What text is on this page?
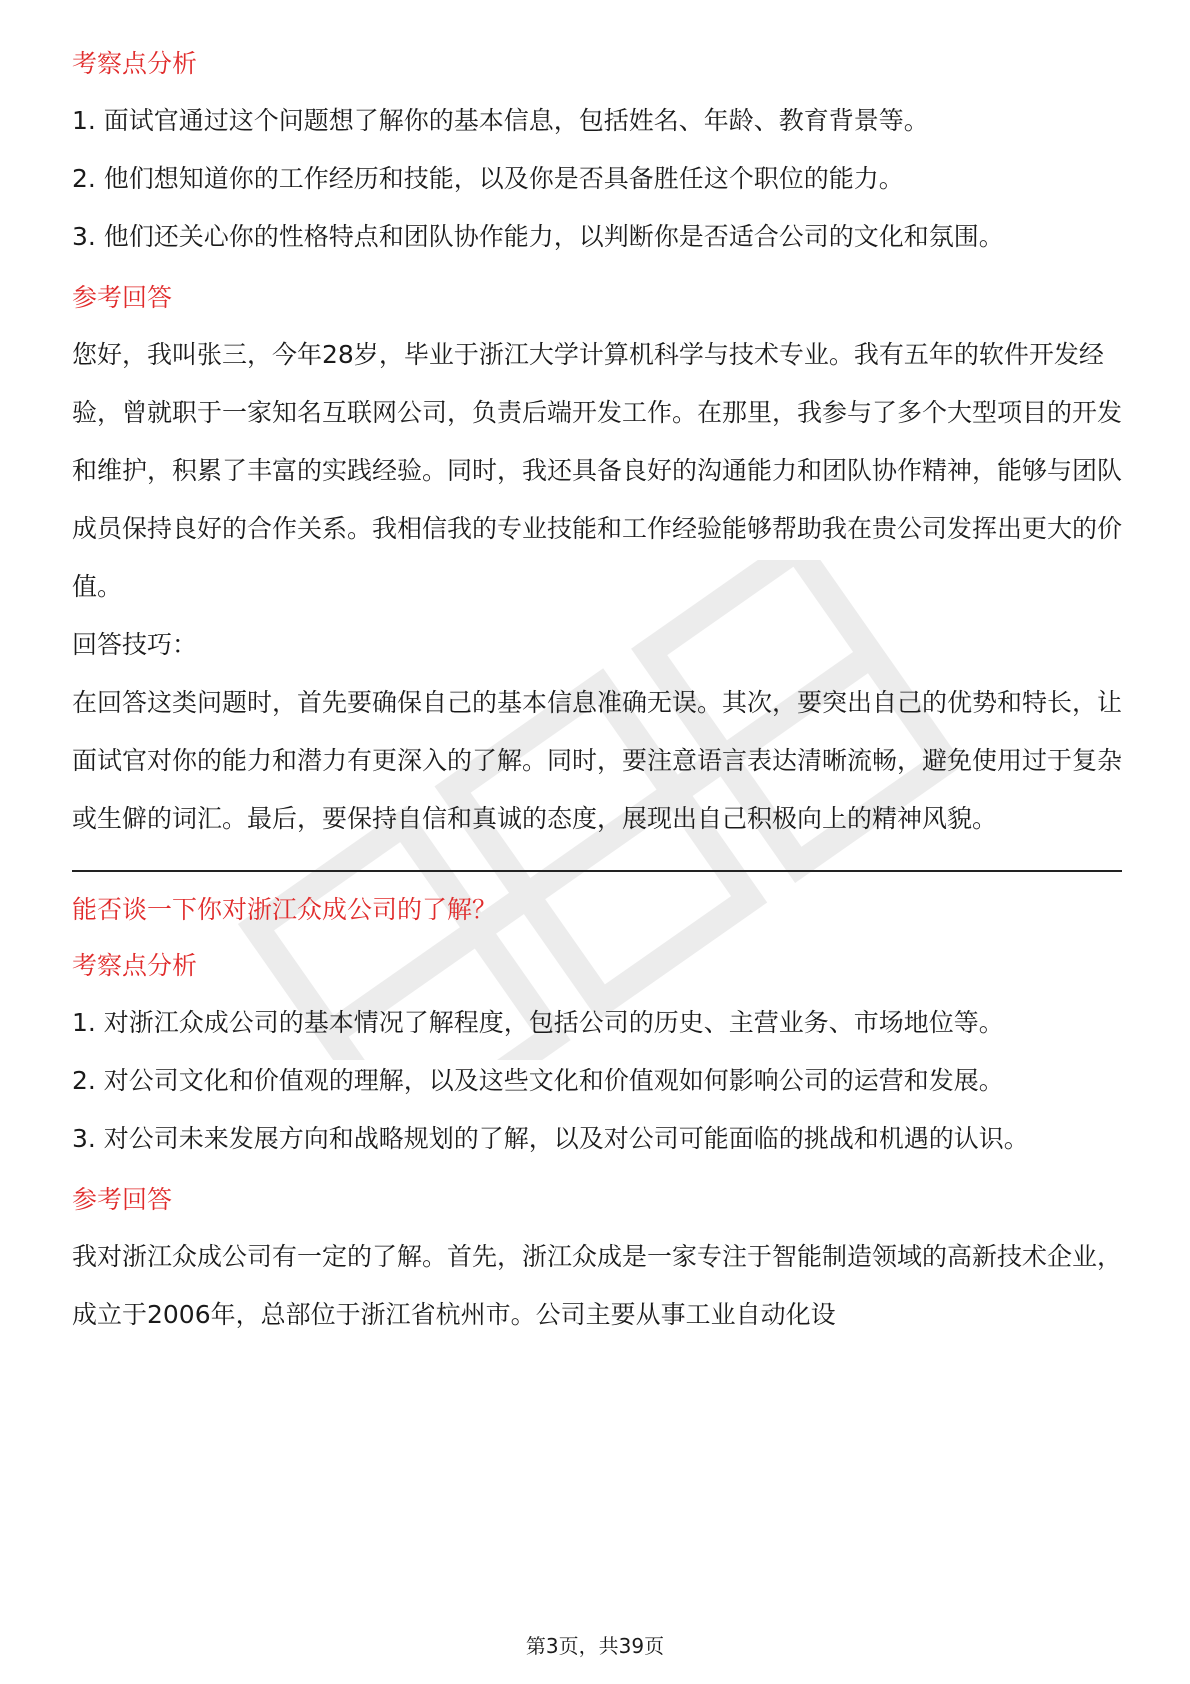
考察点分析

1. 面试官通过这个问题想了解你的基本信息，包括姓名、年龄、教育背景等。

2. 他们想知道你的工作经历和技能，以及你是否具备胜任这个职位的能力。

3. 他们还关心你的性格特点和团队协作能力，以判断你是否适合公司的文化和氛围。

参考回答

您好，我叫张三，今年28岁，毕业于浙江大学计算机科学与技术专业。我有五年的软件开发经验，曾就职于一家知名互联网公司，负责后端开发工作。在那里，我参与了多个大型项目的开发和维护，积累了丰富的实践经验。同时，我还具备良好的沟通能力和团队协作精神，能够与团队成员保持良好的合作关系。我相信我的专业技能和工作经验能够帮助我在贵公司发挥出更大的价值。

回答技巧：

在回答这类问题时，首先要确保自己的基本信息准确无误。其次，要突出自己的优势和特长，让面试官对你的能力和潜力有更深入的了解。同时，要注意语言表达清晰流畅，避免使用过于复杂或生僻的词汇。最后，要保持自信和真诚的态度，展现出自己积极向上的精神风貌。

能否谈一下你对浙江众成公司的了解？
考察点分析

1. 对浙江众成公司的基本情况了解程度，包括公司的历史、主营业务、市场地位等。

2. 对公司文化和价值观的理解，以及这些文化和价值观如何影响公司的运营和发展。

3. 对公司未来发展方向和战略规划的了解，以及对公司可能面临的挑战和机遇的认识。

参考回答

我对浙江众成公司有一定的了解。首先，浙江众成是一家专注于智能制造领域的高新技术企业，成立于2006年，总部位于浙江省杭州市。公司主要从事工业自动化设

第3页，共39页
